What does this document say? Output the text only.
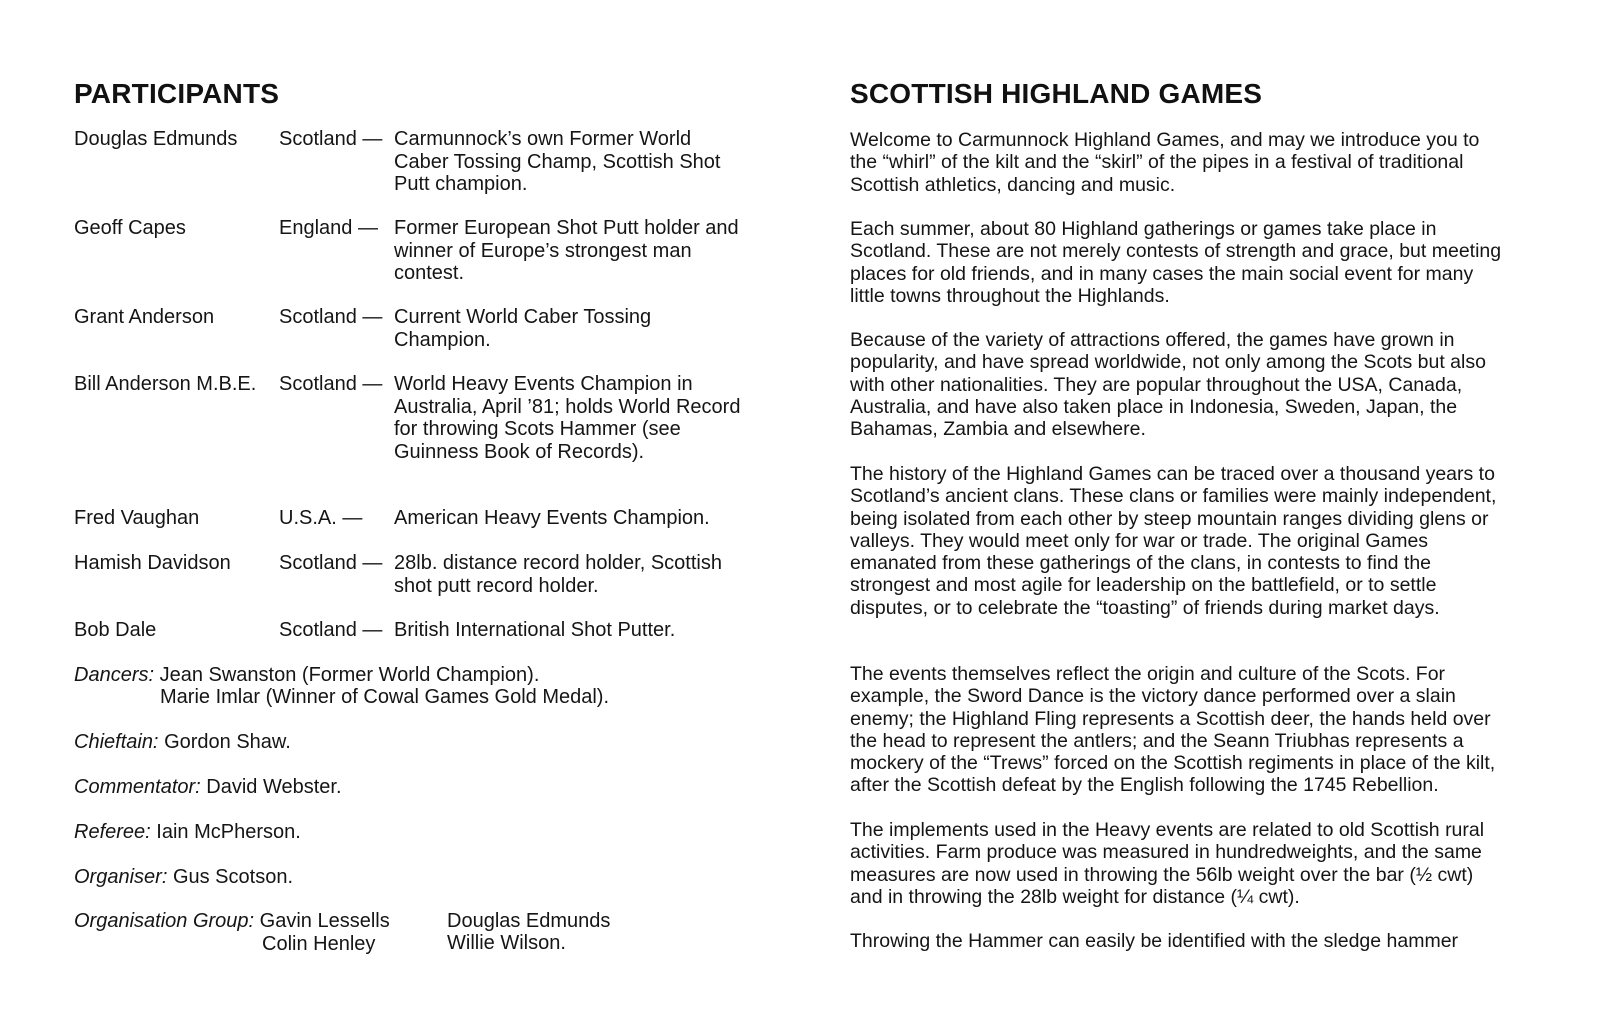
PARTICIPANTS
Douglas Edmunds Scotland — Carmunnock’s own Former World Caber Tossing Champ, Scottish Shot Putt champion.
Geoff Capes	England — Former European Shot Putt holder and winner of Europe’s strongest man contest.
Grant Anderson	Scotland — Current World Caber Tossing Champion.
Bill Anderson M.B.E. Scotland — World Heavy Events Champion in Australia, April ’81; holds World Record for throwing Scots Hammer (see Guinness Book of Records).
Fred Vaughan	U.S.A. — American Heavy Events Champion.
Hamish Davidson Scotland — 28lb. distance record holder, Scottish shot putt record holder.
Bob Dale	Scotland — British International Shot Putter.
Dancers: Jean Swanston (Former World Champion).
Marie Imlar (Winner of Cowal Games Gold Medal).
Chieftain: Gordon Shaw.
Commentator: David Webster.
Referee: Iain McPherson.
Organiser: Gus Scotson.
Organisation Group: Gavin Lessells
Colin Henley
Douglas Edmunds
Willie Wilson.
SCOTTISH HIGHLAND GAMES
Welcome to Carmunnock Highland Games, and may we introduce you to the “whirl” of the kilt and the “skirl” of the pipes in a festival of traditional Scottish athletics, dancing and music.
Each summer, about 80 Highland gatherings or games take place in Scotland. These are not merely contests of strength and grace, but meeting places for old friends, and in many cases the main social event for many little towns throughout the Highlands.
Because of the variety of attractions offered, the games have grown in popularity, and have spread worldwide, not only among the Scots but also with other nationalities. They are popular throughout the USA, Canada, Australia, and have also taken place in Indonesia, Sweden, Japan, the Bahamas, Zambia and elsewhere.
The history of the Highland Games can be traced over a thousand years to Scotland’s ancient clans. These clans or families were mainly independent, being isolated from each other by steep mountain ranges dividing glens or valleys. They would meet only for war or trade. The original Games emanated from these gatherings of the clans, in contests to find the strongest and most agile for leadership on the battlefield, or to settle disputes, or to celebrate the “toasting” of friends during market days.
The events themselves reflect the origin and culture of the Scots. For example, the Sword Dance is the victory dance performed over a slain enemy; the Highland Fling represents a Scottish deer, the hands held over the head to represent the antlers; and the Seann Triubhas represents a mockery of the “Trews” forced on the Scottish regiments in place of the kilt, after the Scottish defeat by the English following the 1745 Rebellion.
The implements used in the Heavy events are related to old Scottish rural activities. Farm produce was measured in hundredweights, and the same measures are now used in throwing the 56lb weight over the bar (½ cwt) and in throwing the 28lb weight for distance (¼ cwt).
Throwing the Hammer can easily be identified with the sledge hammer
